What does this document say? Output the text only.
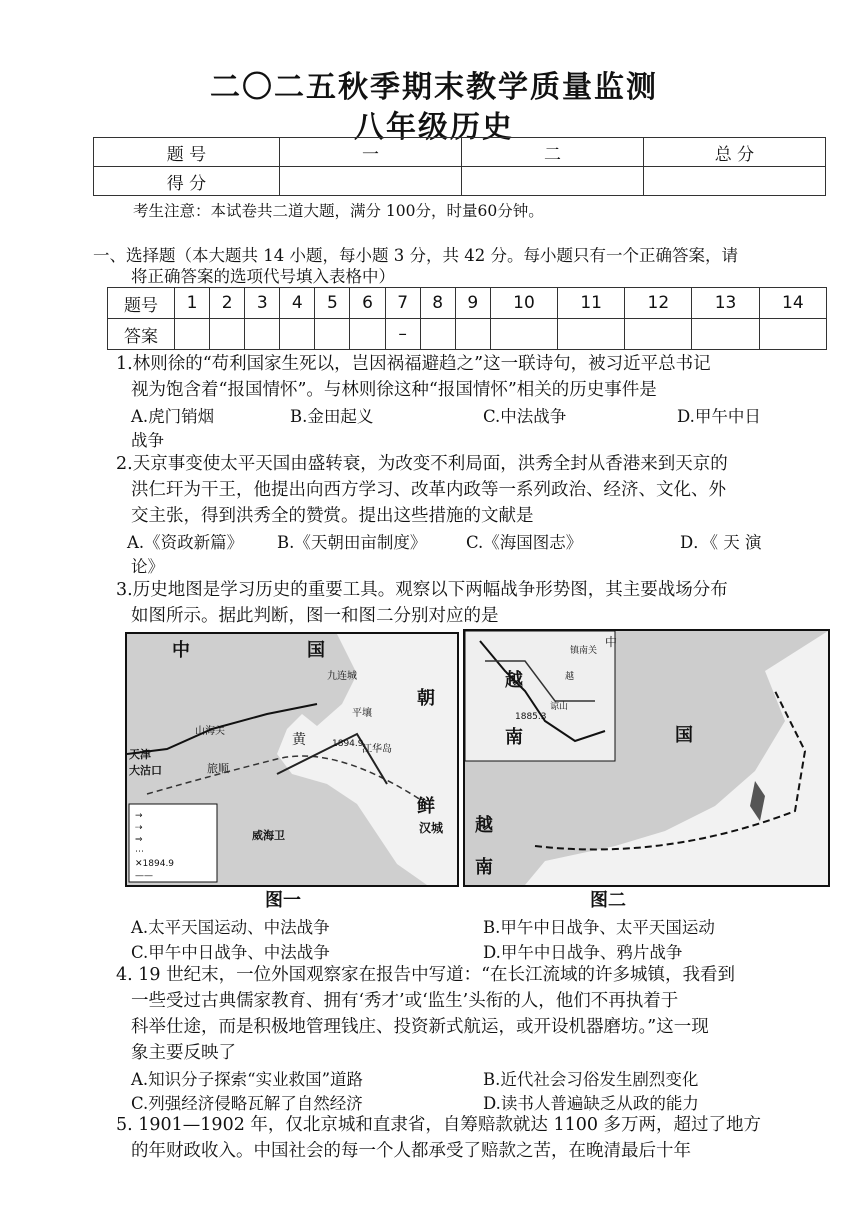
二〇二五秋季期末教学质量监测
八年级历史
题 号	一	二	总 分
得 分			
考生注意：本试卷共二道大题，满分 100分，时量60分钟。
一、选择题（本大题共 14 小题，每小题 3 分，共 42 分。每小题只有一个正确答案，请
将正确答案的选项代号填入表格中）
题号	1	2	3	4	5	6	7	8	9	10	11	12	13	14
答案							–							
1.林则徐的“苟利国家生死以，岂因祸福避趋之”这一联诗句，被习近平总书记
视为饱含着“报国情怀”。与林则徐这种“报国情怀”相关的历史事件是
A.虎门销烟	B.金田起义	C.中法战争	D.甲午中日
战争
2.天京事变使太平天国由盛转衰，为改变不利局面，洪秀全封从香港来到天京的
洪仁玕为干王，他提出向西方学习、改革内政等一系列政治、经济、文化、外
交主张，得到洪秀全的赞赏。提出这些措施的文献是
A.《资政新篇》 B.《天朝田亩制度》 C.《海国图志》	D．《 天 演
论》
3.历史地图是学习历史的重要工具。观察以下两幅战争形势图，其主要战场分布
如图所示。据此判断，图一和图二分别对应的是
→
⇢
⇒
⋯
✕1894.9
——
中	国
天津
大沽口	旅顺
威海卫
朝
鲜
汉城
平壤
山海关
九连城
江华岛
黄	1894.9
中
越
南
越
南
国
越
镇南关
谅山
1885.3
图一	图二
A.太平天国运动、中法战争	B.甲午中日战争、太平天国运动
C.甲午中日战争、中法战争	D.甲午中日战争、鸦片战争
4. 19 世纪末，一位外国观察家在报告中写道：“在长江流域的许多城镇，我看到
一些受过古典儒家教育、拥有‘秀才’或‘监生’头衔的人，他们不再执着于
科举仕途，而是积极地管理钱庄、投资新式航运，或开设机器磨坊。”这一现
象主要反映了
A.知识分子探索“实业救国”道路	B.近代社会习俗发生剧烈变化
C.列强经济侵略瓦解了自然经济	D.读书人普遍缺乏从政的能力
5. 1901—1902 年，仅北京城和直隶省，自筹赔款就达 1100 多万两，超过了地方
的年财政收入。中国社会的每一个人都承受了赔款之苦，在晚清最后十年
